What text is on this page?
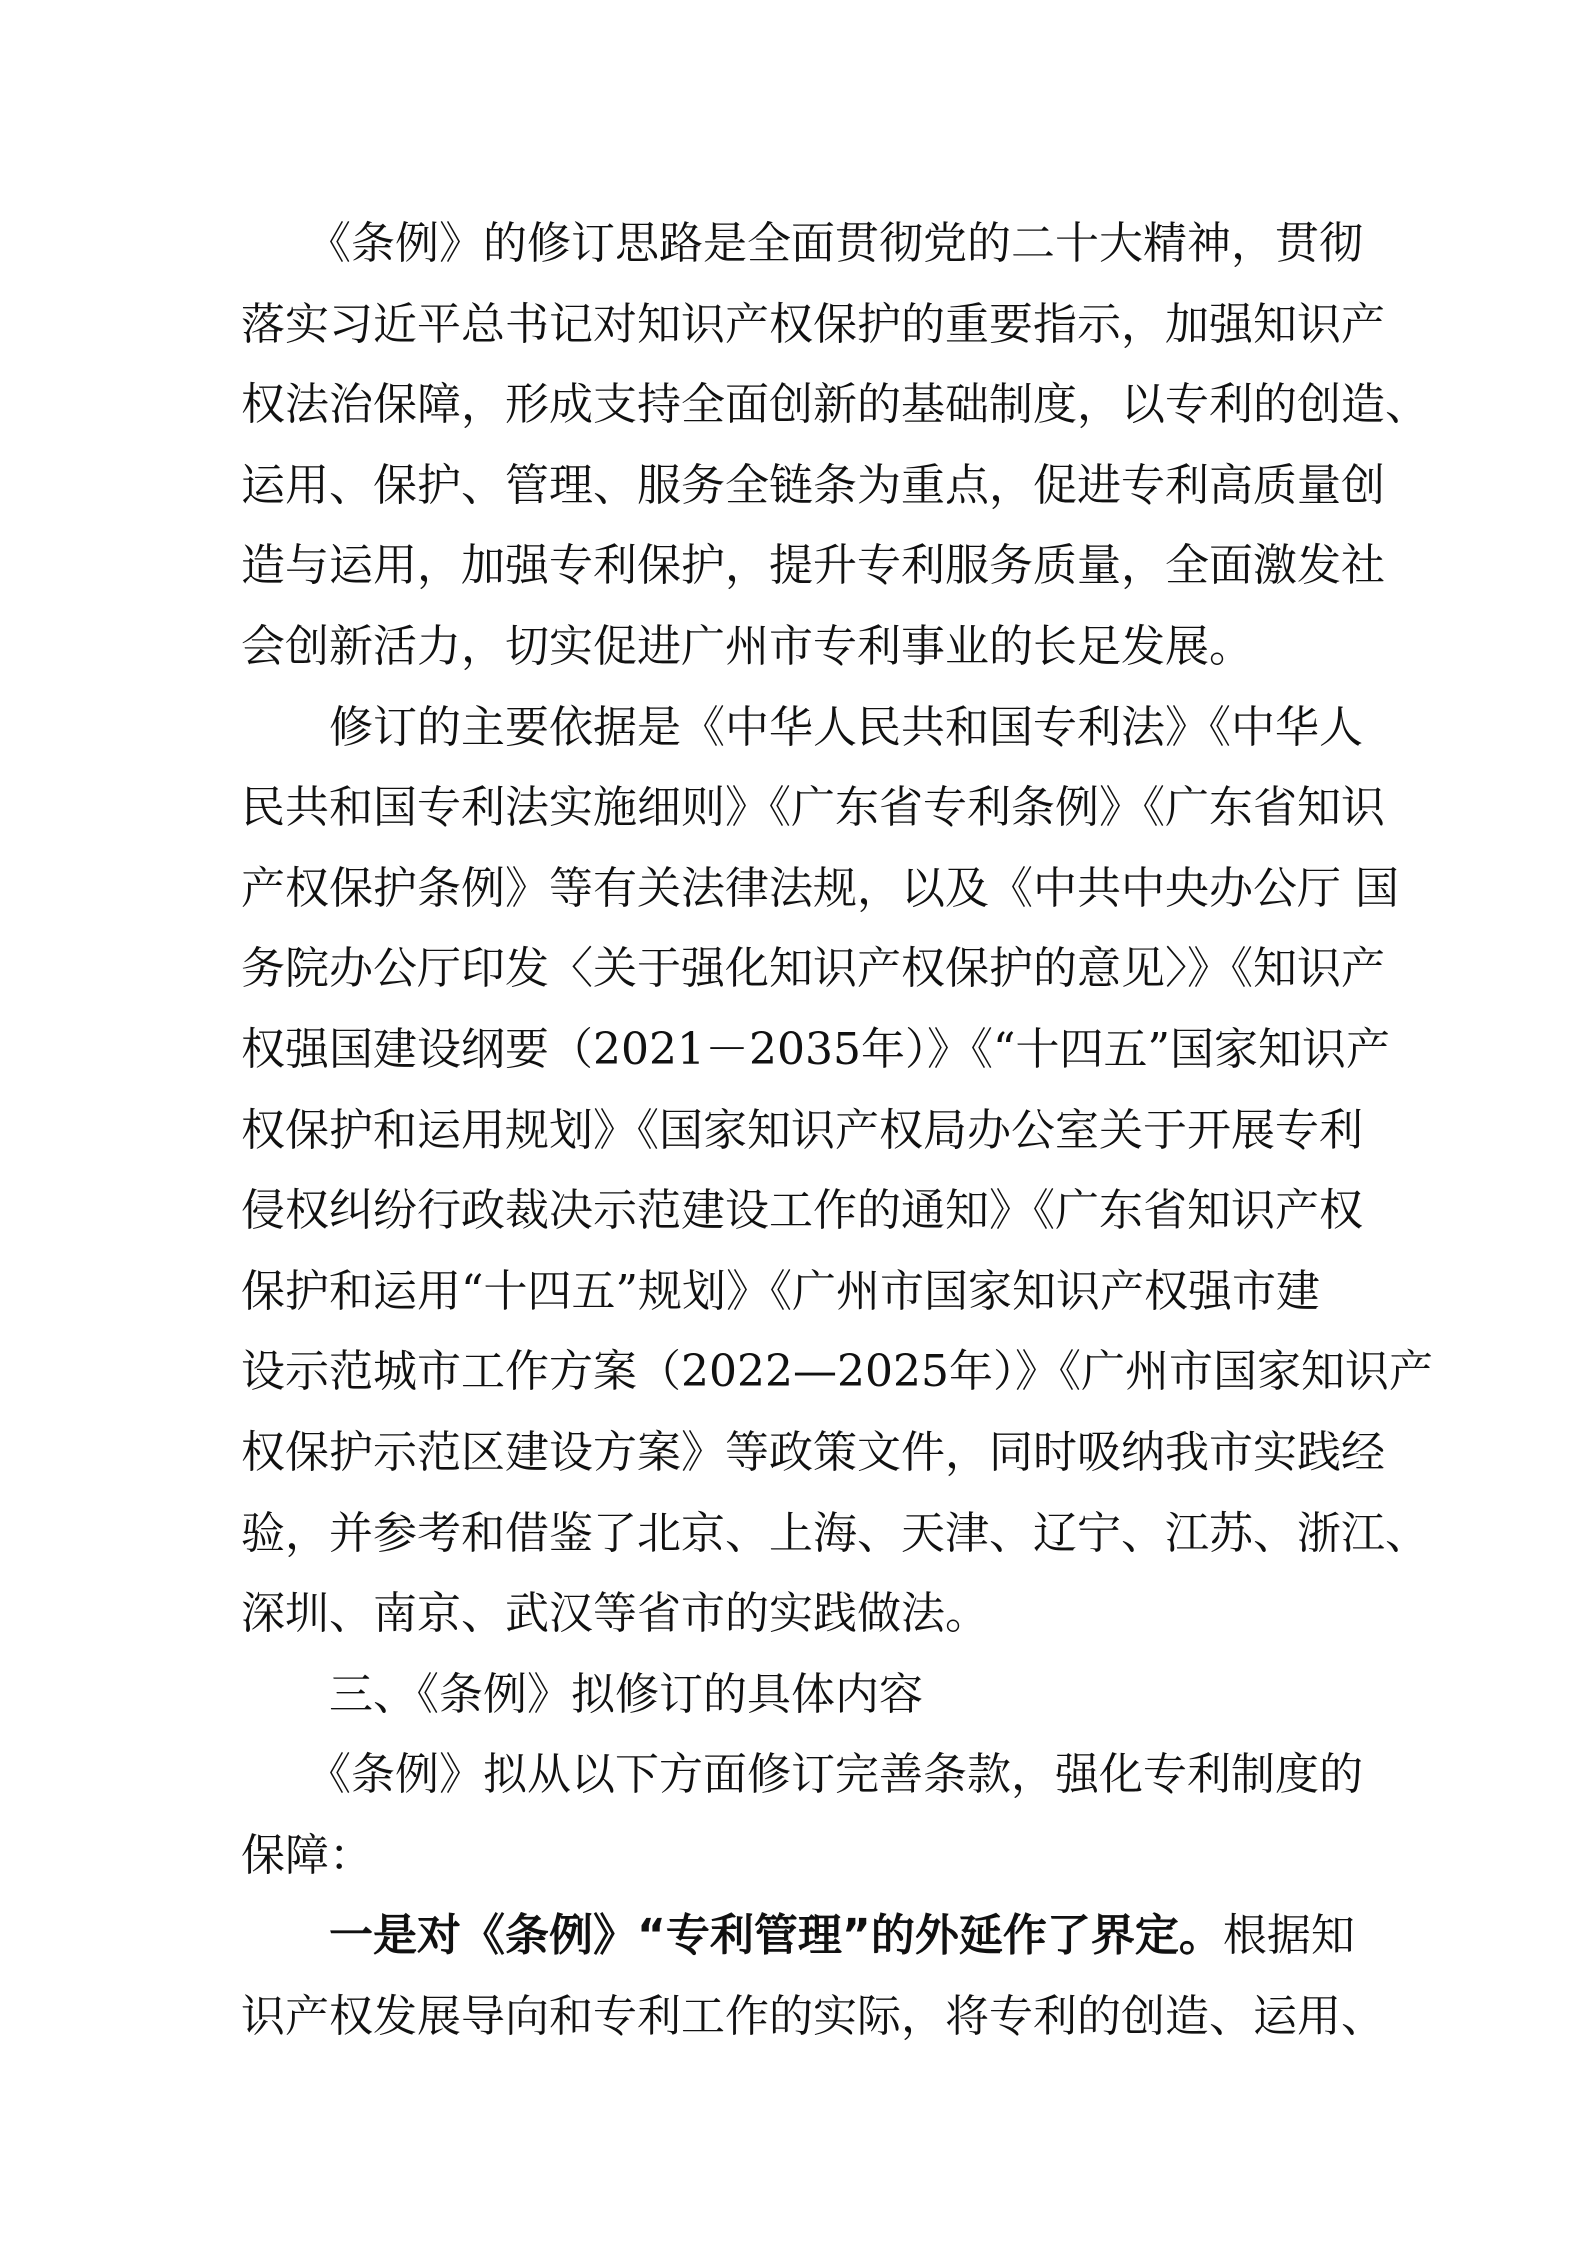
　　《条例》的修订思路是全面贯彻党的二十大精神，贯彻
落实习近平总书记对知识产权保护的重要指示，加强知识产
权法治保障，形成支持全面创新的基础制度，以专利的创造、
运用、保护、管理、服务全链条为重点，促进专利高质量创
造与运用，加强专利保护，提升专利服务质量，全面激发社
会创新活力，切实促进广州市专利事业的长足发展。
　　修订的主要依据是《中华人民共和国专利法》《中华人
民共和国专利法实施细则》《广东省专利条例》《广东省知识
产权保护条例》等有关法律法规，以及《中共中央办公厅 国
务院办公厅印发〈关于强化知识产权保护的意见〉》《知识产
权强国建设纲要（2021－2035年）》《“十四五”国家知识产
权保护和运用规划》《国家知识产权局办公室关于开展专利
侵权纠纷行政裁决示范建设工作的通知》《广东省知识产权
保护和运用“十四五”规划》《广州市国家知识产权强市建
设示范城市工作方案（2022—2025年）》《广州市国家知识产
权保护示范区建设方案》等政策文件，同时吸纳我市实践经
验，并参考和借鉴了北京、上海、天津、辽宁、江苏、浙江、
深圳、南京、武汉等省市的实践做法。
　　三、《条例》拟修订的具体内容
　　《条例》拟从以下方面修订完善条款，强化专利制度的
保障：
　　一是对《条例》“专利管理”的外延作了界定。根据知
识产权发展导向和专利工作的实际，将专利的创造、运用、
